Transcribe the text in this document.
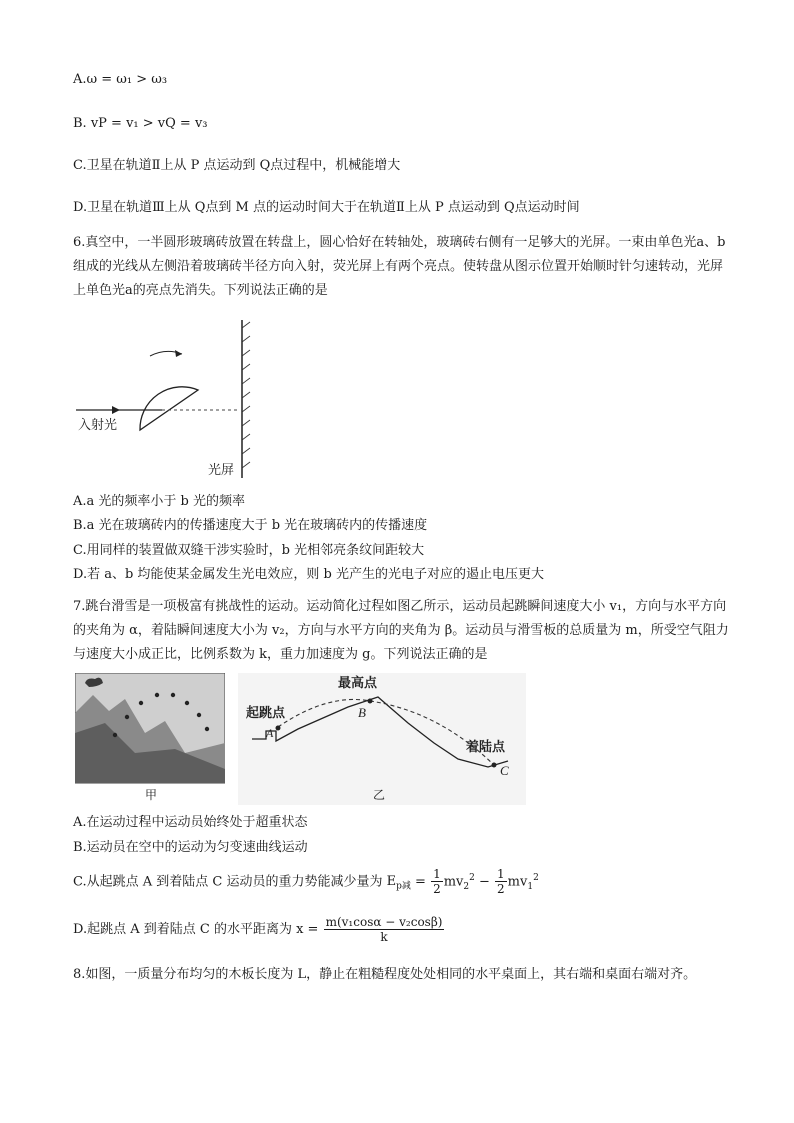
A.ω = ω₁ > ω₃
B. vP = v₁ > vQ = v₃
C.卫星在轨道Ⅱ上从 P 点运动到 Q点过程中，机械能增大
D.卫星在轨道Ⅲ上从 Q点到 M 点的运动时间大于在轨道Ⅱ上从 P 点运动到 Q点运动时间
6.真空中，一半圆形玻璃砖放置在转盘上，圆心恰好在转轴处，玻璃砖右侧有一足够大的光屏。一束由单色光a、b组成的光线从左侧沿着玻璃砖半径方向入射，荧光屏上有两个亮点。使转盘从图示位置开始顺时针匀速转动，光屏上单色光a的亮点先消失。下列说法正确的是
入射光
光屏
A.a 光的频率小于 b 光的频率
B.a 光在玻璃砖内的传播速度大于 b 光在玻璃砖内的传播速度
C.用同样的装置做双缝干涉实验时，b 光相邻亮条纹间距较大
D.若 a、b 均能使某金属发生光电效应，则 b 光产生的光电子对应的遏止电压更大
7.跳台滑雪是一项极富有挑战性的运动。运动简化过程如图乙所示，运动员起跳瞬间速度大小 v₁，方向与水平方向的夹角为 α，着陆瞬间速度大小为 v₂，方向与水平方向的夹角为 β。运动员与滑雪板的总质量为 m，所受空气阻力与速度大小成正比，比例系数为 k，重力加速度为 g。下列说法正确的是
甲
起跳点
最高点
着陆点
A
B
C
乙
A.在运动过程中运动员始终处于超重状态
B.运动员在空中的运动为匀变速曲线运动
C.从起跳点 A 到着陆点 C 运动员的重力势能减少量为 $E_{p减} = \frac{1}{2} mv_2^2 - \frac{1}{2} mv_1^2$
D.起跳点 A 到着陆点 C 的水平距离为 $x = \frac{\text{m(v₁cosα − v₂cosβ)}}{k}$
8.如图，一质量分布均匀的木板长度为 L，静止在粗糙程度处处相同的水平桌面上，其右端和桌面右端对齐。
